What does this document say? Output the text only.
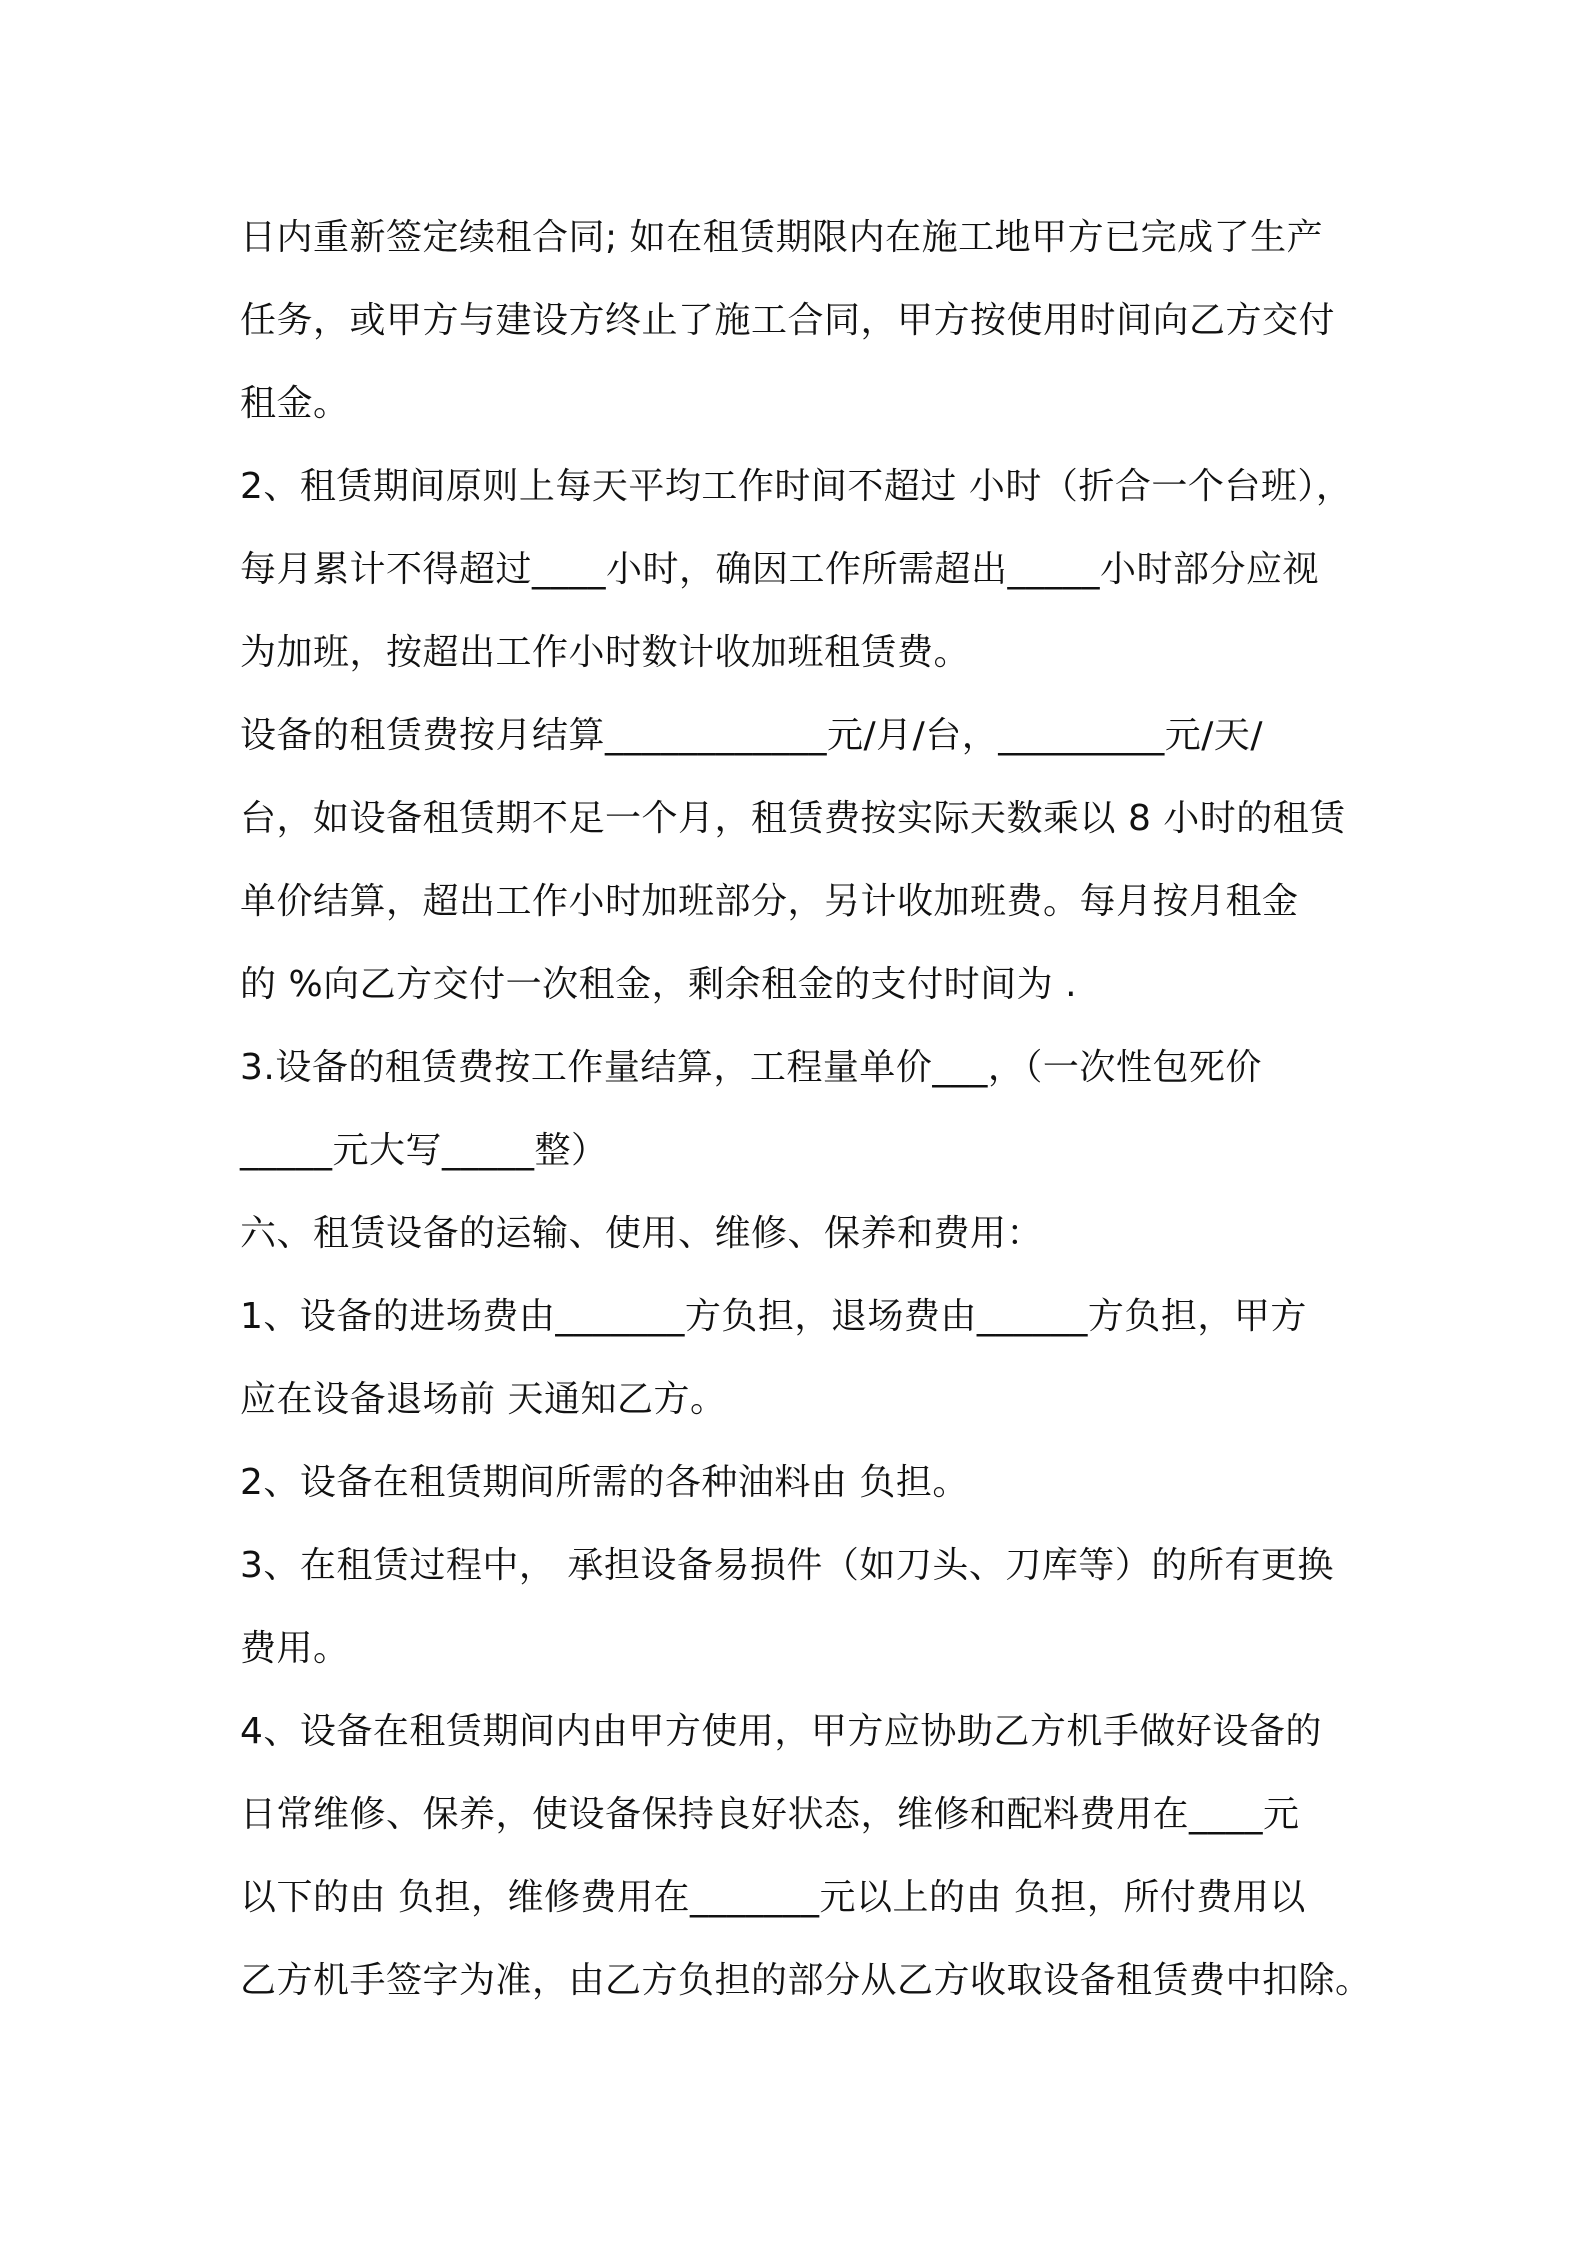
日内重新签定续租合同; 如在租赁期限内在施工地甲方已完成了生产
任务，或甲方与建设方终止了施工合同，甲方按使用时间向乙方交付
租金。
2、租赁期间原则上每天平均工作时间不超过 小时（折合一个台班），
每月累计不得超过____小时，确因工作所需超出_____小时部分应视
为加班，按超出工作小时数计收加班租赁费。
设备的租赁费按月结算____________元/月/台，_________元/天/
台，如设备租赁期不足一个月，租赁费按实际天数乘以 8 小时的租赁
单价结算，超出工作小时加班部分，另计收加班费。每月按月租金
的 %向乙方交付一次租金，剩余租金的支付时间为 .
3.设备的租赁费按工作量结算，工程量单价___，（一次性包死价
_____元大写_____整）
六、租赁设备的运输、使用、维修、保养和费用：
1、设备的进场费由_______方负担，退场费由______方负担，甲方
应在设备退场前 天通知乙方。
2、设备在租赁期间所需的各种油料由 负担。
3、在租赁过程中， 承担设备易损件（如刀头、刀库等）的所有更换
费用。
4、设备在租赁期间内由甲方使用，甲方应协助乙方机手做好设备的
日常维修、保养，使设备保持良好状态，维修和配料费用在____元
以下的由 负担，维修费用在_______元以上的由 负担，所付费用以
乙方机手签字为准，由乙方负担的部分从乙方收取设备租赁费中扣除。
